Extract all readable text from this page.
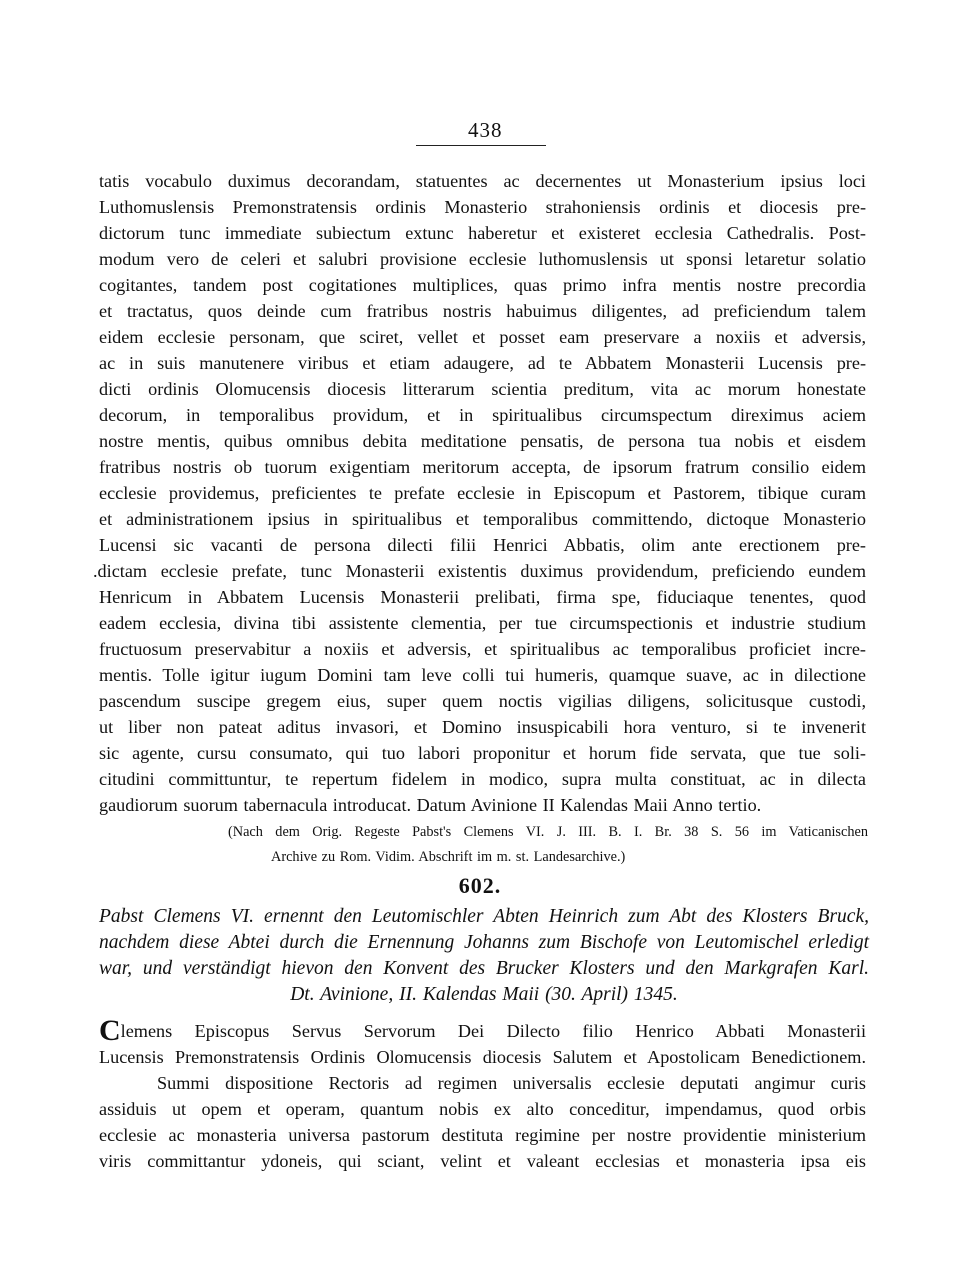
438
tatis vocabulo duximus decorandam, statuentes ac decernentes ut Monasterium ipsius loci
Luthomuslensis Premonstratensis ordinis Monasterio strahoniensis ordinis et diocesis pre-
dictorum tunc immediate subiectum extunc haberetur et existeret ecclesia Cathedralis. Post-
modum vero de celeri et salubri provisione ecclesie luthomuslensis ut sponsi letaretur solatio
cogitantes, tandem post cogitationes multiplices, quas primo infra mentis nostre precordia
et tractatus, quos deinde cum fratribus nostris habuimus diligentes, ad preficiendum talem
eidem ecclesie personam, que sciret, vellet et posset eam preservare a noxiis et adversis,
ac in suis manutenere viribus et etiam adaugere, ad te Abbatem Monasterii Lucensis pre-
dicti ordinis Olomucensis diocesis litterarum scientia preditum, vita ac morum honestate
decorum, in temporalibus providum, et in spiritualibus circumspectum direximus aciem
nostre mentis, quibus omnibus debita meditatione pensatis, de persona tua nobis et eisdem
fratribus nostris ob tuorum exigentiam meritorum accepta, de ipsorum fratrum consilio eidem
ecclesie providemus, preficientes te prefate ecclesie in Episcopum et Pastorem, tibique curam
et administrationem ipsius in spiritualibus et temporalibus committendo, dictoque Monasterio
Lucensi sic vacanti de persona dilecti filii Henrici Abbatis, olim ante erectionem pre-
.dictam ecclesie prefate, tunc Monasterii existentis duximus providendum, preficiendo eundem
Henricum in Abbatem Lucensis Monasterii prelibati, firma spe, fiduciaque tenentes, quod
eadem ecclesia, divina tibi assistente clementia, per tue circumspectionis et industrie studium
fructuosum preservabitur a noxiis et adversis, et spiritualibus ac temporalibus proficiet incre-
mentis. Tolle igitur iugum Domini tam leve colli tui humeris, quamque suave, ac in dilectione
pascendum suscipe gregem eius, super quem noctis vigilias diligens, solicitusque custodi,
ut liber non pateat aditus invasori, et Domino insuspicabili hora venturo, si te invenerit
sic agente, cursu consumato, qui tuo labori proponitur et horum fide servata, que tue soli-
citudini committuntur, te repertum fidelem in modico, supra multa constituat, ac in dilecta
gaudiorum suorum tabernacula introducat. Datum Avinione II Kalendas Maii Anno tertio.
(Nach dem Orig. Regeste Pabst's Clemens VI. J. III. B. I. Br. 38 S. 56 im Vaticanischen
Archive zu Rom. Vidim. Abschrift im m. st. Landesarchive.)
602.
Pabst Clemens VI. ernennt den Leutomischler Abten Heinrich zum Abt des Klosters Bruck,
nachdem diese Abtei durch die Ernennung Johanns zum Bischofe von Leutomischel erledigt
war, und verständigt hievon den Konvent des Brucker Klosters und den Markgrafen Karl.
Dt. Avinione, II. Kalendas Maii (30. April) 1345.
Clemens Episcopus Servus Servorum Dei Dilecto filio Henrico Abbati Monasterii
Lucensis Premonstratensis Ordinis Olomucensis diocesis Salutem et Apostolicam Benedictionem.
Summi dispositione Rectoris ad regimen universalis ecclesie deputati angimur curis
assiduis ut opem et operam, quantum nobis ex alto conceditur, impendamus, quod orbis
ecclesie ac monasteria universa pastorum destituta regimine per nostre providentie ministerium
viris committantur ydoneis, qui sciant, velint et valeant ecclesias et monasteria ipsa eis
